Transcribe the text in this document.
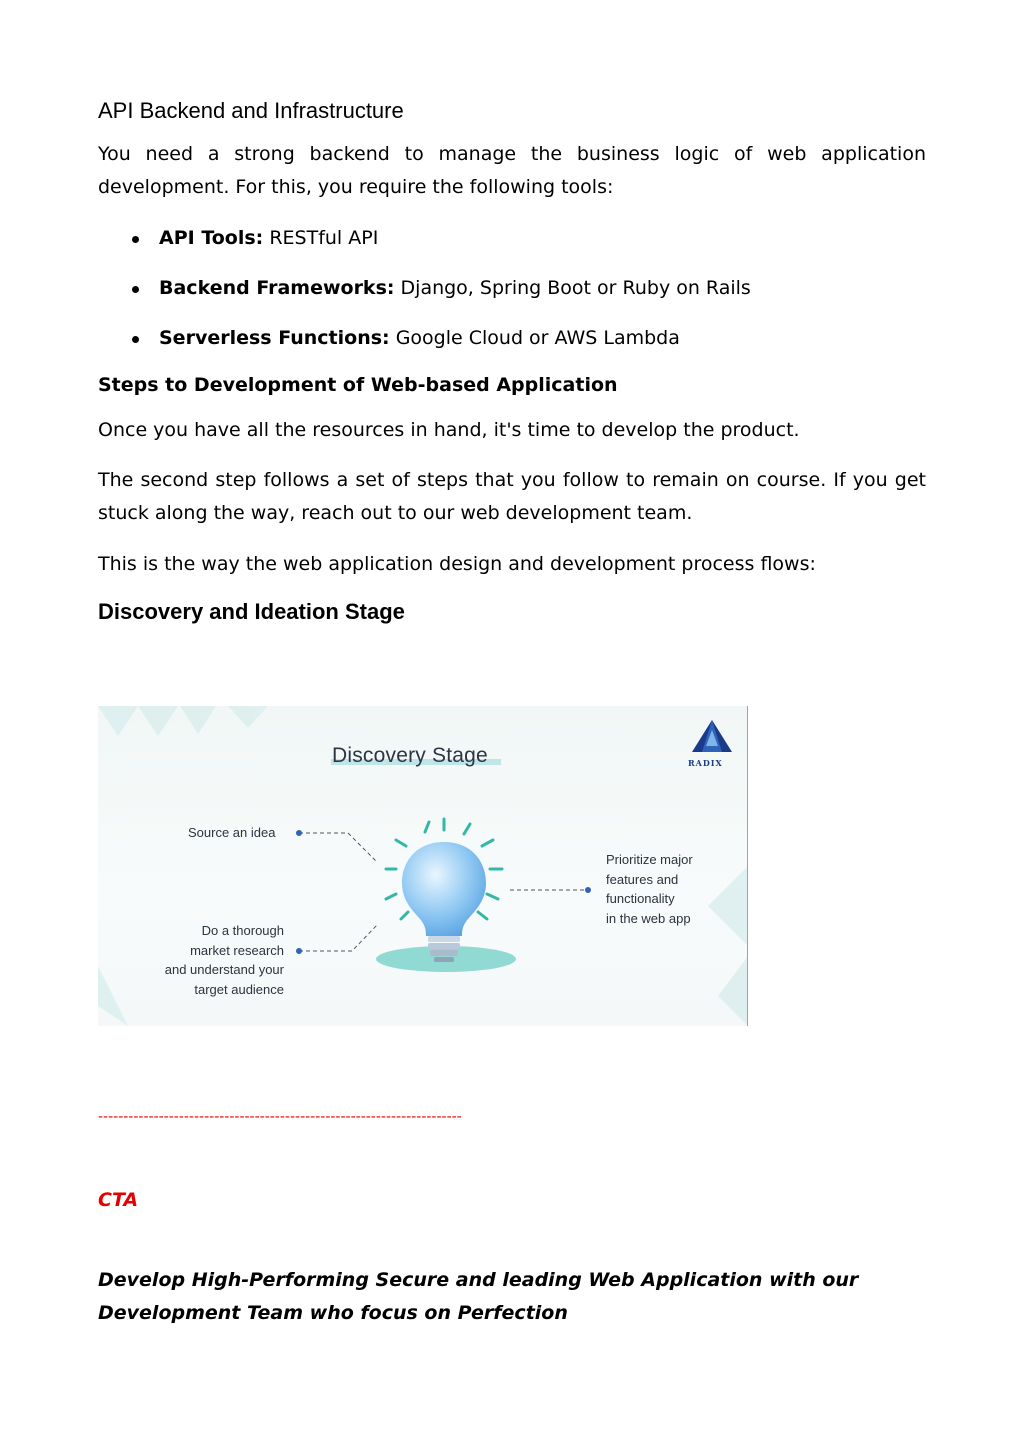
API Backend and Infrastructure

You need a strong backend to manage the business logic of web application development. For this, you require the following tools:

API Tools: RESTful API
Backend Frameworks: Django, Spring Boot or Ruby on Rails
Serverless Functions: Google Cloud or AWS Lambda
Steps to Development of Web-based Application

Once you have all the resources in hand, it's time to develop the product.

The second step follows a set of steps that you follow to remain on course. If you get stuck along the way, reach out to our web development team.

This is the way the web application design and development process flows:

Discovery and Ideation Stage
Discovery Stage	RADIX
Source an idea
Do a thorough
market research
and understand your
target audience
Prioritize major
features and
functionality
in the web app
------------------------------------------------------------------------
CTA

Develop High-Performing Secure and leading Web Application with our Development Team who focus on Perfection
